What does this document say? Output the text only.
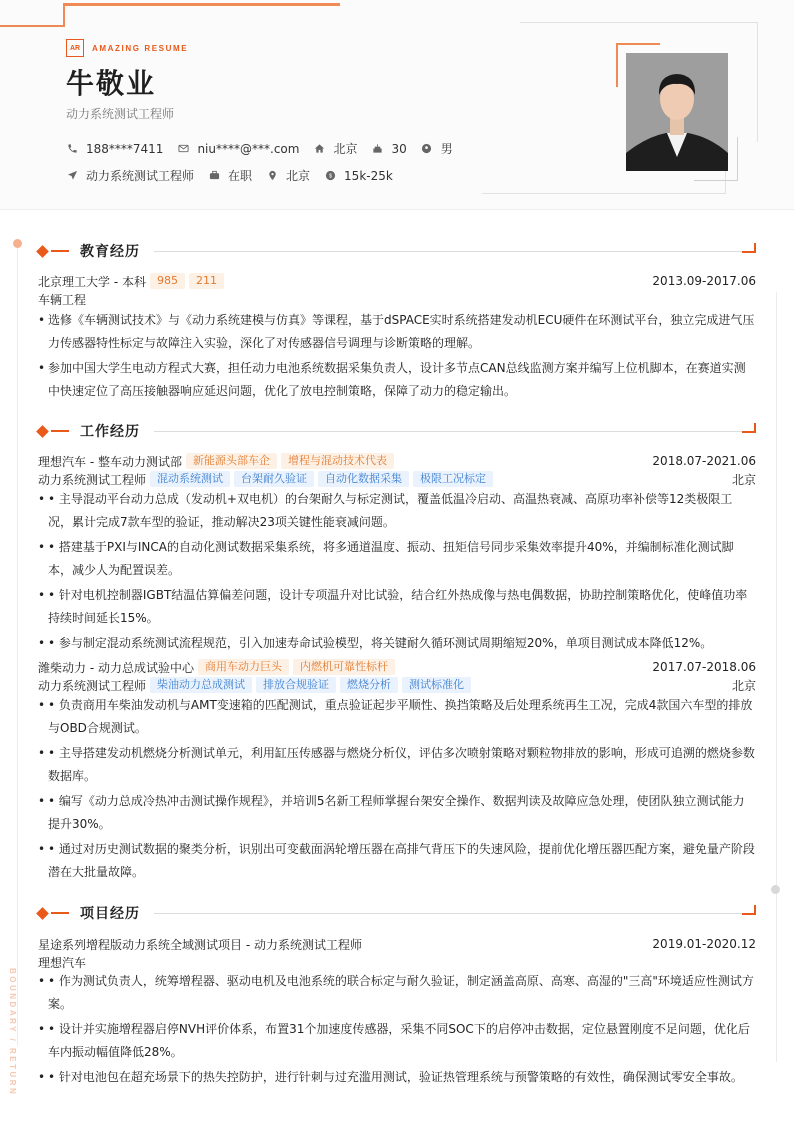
AR	AMAZING RESUME
牛敬业
动力系统测试工程师
188****7411	niu****@***.com	北京	30	男
动力系统测试工程师	在职	北京 $ 15k-25k
BOUNDARY / RETURN
教育经历
北京理工大学 - 本科	985	211	2013.09-2017.06
车辆工程
• 选修《车辆测试技术》与《动力系统建模与仿真》等课程，基于dSPACE实时系统搭建发动机ECU硬件在环测试平台，独立完成进气压力传感器特性标定与故障注入实验，深化了对传感器信号调理与诊断策略的理解。
• 参加中国大学生电动方程式大赛，担任动力电池系统数据采集负责人，设计多节点CAN总线监测方案并编写上位机脚本，在赛道实测中快速定位了高压接触器响应延迟问题，优化了放电控制策略，保障了动力的稳定输出。
工作经历
理想汽车 - 整车动力测试部	新能源头部车企	增程与混动技术代表	2018.07-2021.06
动力系统测试工程师	混动系统测试	台架耐久验证	自动化数据采集	极限工况标定	北京
• • 主导混动平台动力总成（发动机+双电机）的台架耐久与标定测试，覆盖低温冷启动、高温热衰减、高原功率补偿等12类极限工况，累计完成7款车型的验证，推动解决23项关键性能衰减问题。
• • 搭建基于PXI与INCA的自动化测试数据采集系统，将多通道温度、振动、扭矩信号同步采集效率提升40%，并编制标准化测试脚本，减少人为配置误差。
• • 针对电机控制器IGBT结温估算偏差问题，设计专项温升对比试验，结合红外热成像与热电偶数据，协助控制策略优化，使峰值功率持续时间延长15%。
• • 参与制定混动系统测试流程规范，引入加速寿命试验模型，将关键耐久循环测试周期缩短20%，单项目测试成本降低12%。
潍柴动力 - 动力总成试验中心	商用车动力巨头	内燃机可靠性标杆	2017.07-2018.06
动力系统测试工程师	柴油动力总成测试	排放合规验证	燃烧分析	测试标准化	北京
• • 负责商用车柴油发动机与AMT变速箱的匹配测试，重点验证起步平顺性、换挡策略及后处理系统再生工况，完成4款国六车型的排放与OBD合规测试。
• • 主导搭建发动机燃烧分析测试单元，利用缸压传感器与燃烧分析仪，评估多次喷射策略对颗粒物排放的影响，形成可追溯的燃烧参数数据库。
• • 编写《动力总成冷热冲击测试操作规程》，并培训5名新工程师掌握台架安全操作、数据判读及故障应急处理，使团队独立测试能力提升30%。
• • 通过对历史测试数据的聚类分析，识别出可变截面涡轮增压器在高排气背压下的失速风险，提前优化增压器匹配方案，避免量产阶段潜在大批量故障。
项目经历
星途系列增程版动力系统全域测试项目 - 动力系统测试工程师	2019.01-2020.12
理想汽车
• • 作为测试负责人，统筹增程器、驱动电机及电池系统的联合标定与耐久验证，制定涵盖高原、高寒、高湿的"三高"环境适应性测试方案。
• • 设计并实施增程器启停NVH评价体系，布置31个加速度传感器，采集不同SOC下的启停冲击数据，定位悬置刚度不足问题，优化后车内振动幅值降低28%。
• • 针对电池包在超充场景下的热失控防护，进行针刺与过充滥用测试，验证热管理系统与预警策略的有效性，确保测试零安全事故。
